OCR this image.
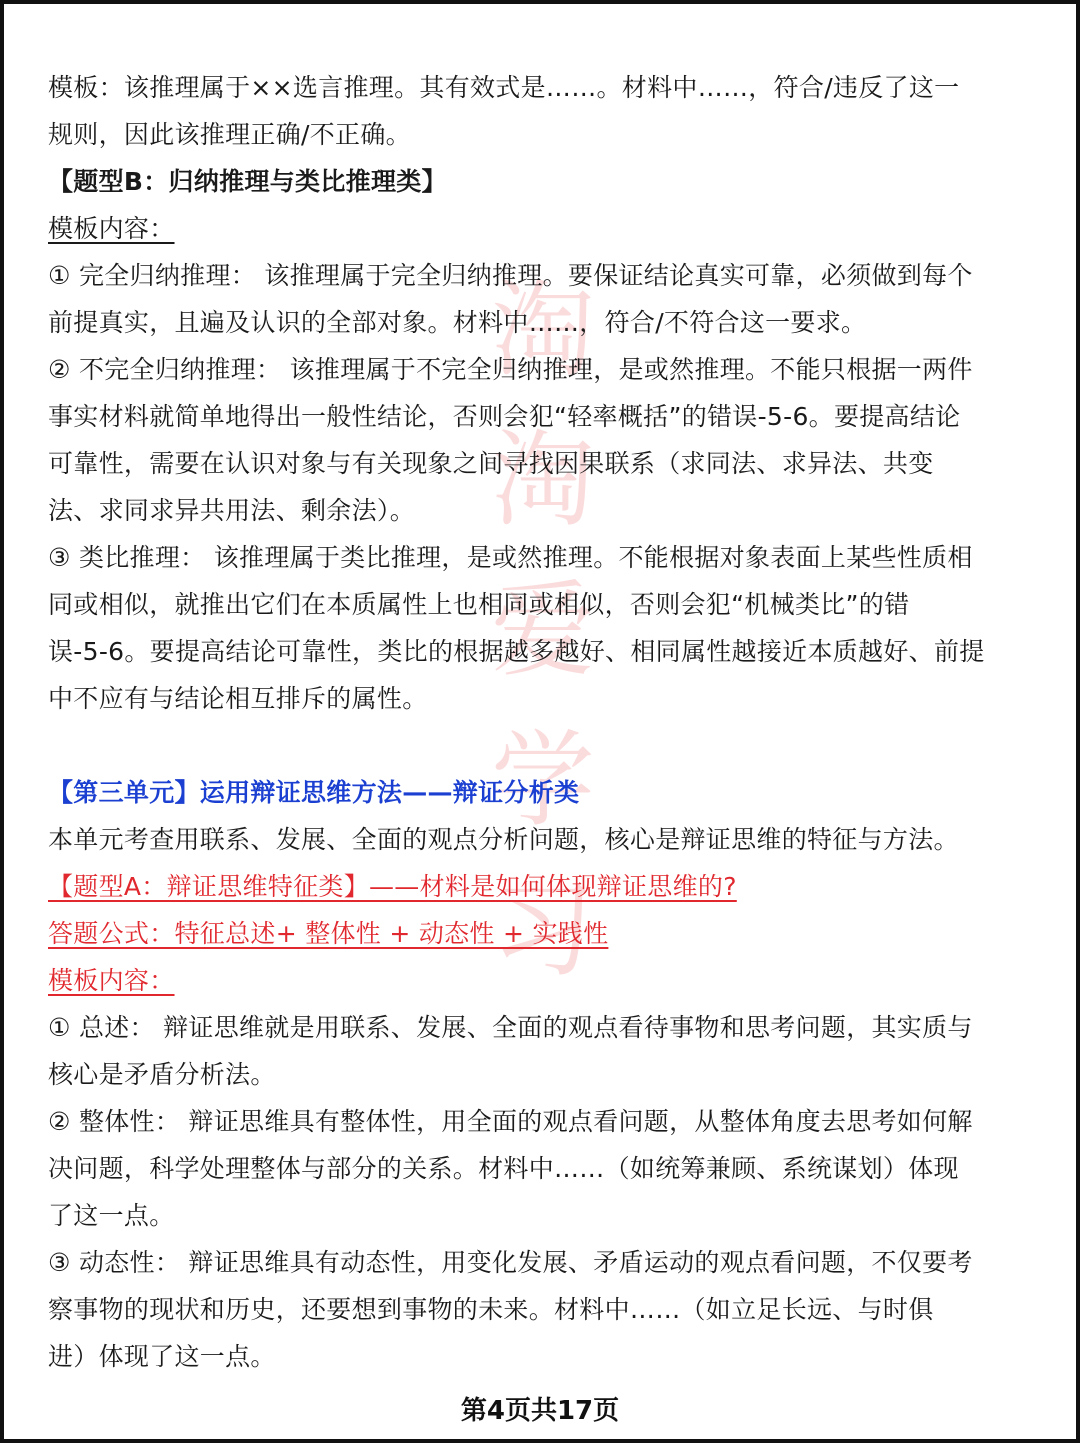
淘
淘
爱
学
习

模板：该推理属于××选言推理。其有效式是……。材料中……，符合/违反了这一

规则，因此该推理正确/不正确。

【题型B：归纳推理与类比推理类】

模板内容：

① 完全归纳推理： 该推理属于完全归纳推理。要保证结论真实可靠，必须做到每个

前提真实，且遍及认识的全部对象。材料中……，符合/不符合这一要求。

② 不完全归纳推理： 该推理属于不完全归纳推理，是或然推理。不能只根据一两件

事实材料就简单地得出一般性结论，否则会犯“轻率概括”的错误-5-6。要提高结论

可靠性，需要在认识对象与有关现象之间寻找因果联系（求同法、求异法、共变

法、求同求异共用法、剩余法）。

③ 类比推理： 该推理属于类比推理，是或然推理。不能根据对象表面上某些性质相

同或相似，就推出它们在本质属性上也相同或相似，否则会犯“机械类比”的错

误-5-6。要提高结论可靠性，类比的根据越多越好、相同属性越接近本质越好、前提

中不应有与结论相互排斥的属性。

【第三单元】运用辩证思维方法——辩证分析类

本单元考查用联系、发展、全面的观点分析问题，核心是辩证思维的特征与方法。

【题型A：辩证思维特征类】——材料是如何体现辩证思维的?

答题公式：特征总述+ 整体性 + 动态性 + 实践性

模板内容：

① 总述： 辩证思维就是用联系、发展、全面的观点看待事物和思考问题，其实质与

核心是矛盾分析法。

② 整体性： 辩证思维具有整体性，用全面的观点看问题，从整体角度去思考如何解

决问题，科学处理整体与部分的关系。材料中……（如统筹兼顾、系统谋划）体现

了这一点。

③ 动态性： 辩证思维具有动态性，用变化发展、矛盾运动的观点看问题，不仅要考

察事物的现状和历史，还要想到事物的未来。材料中……（如立足长远、与时俱

进）体现了这一点。

第4页共17页
